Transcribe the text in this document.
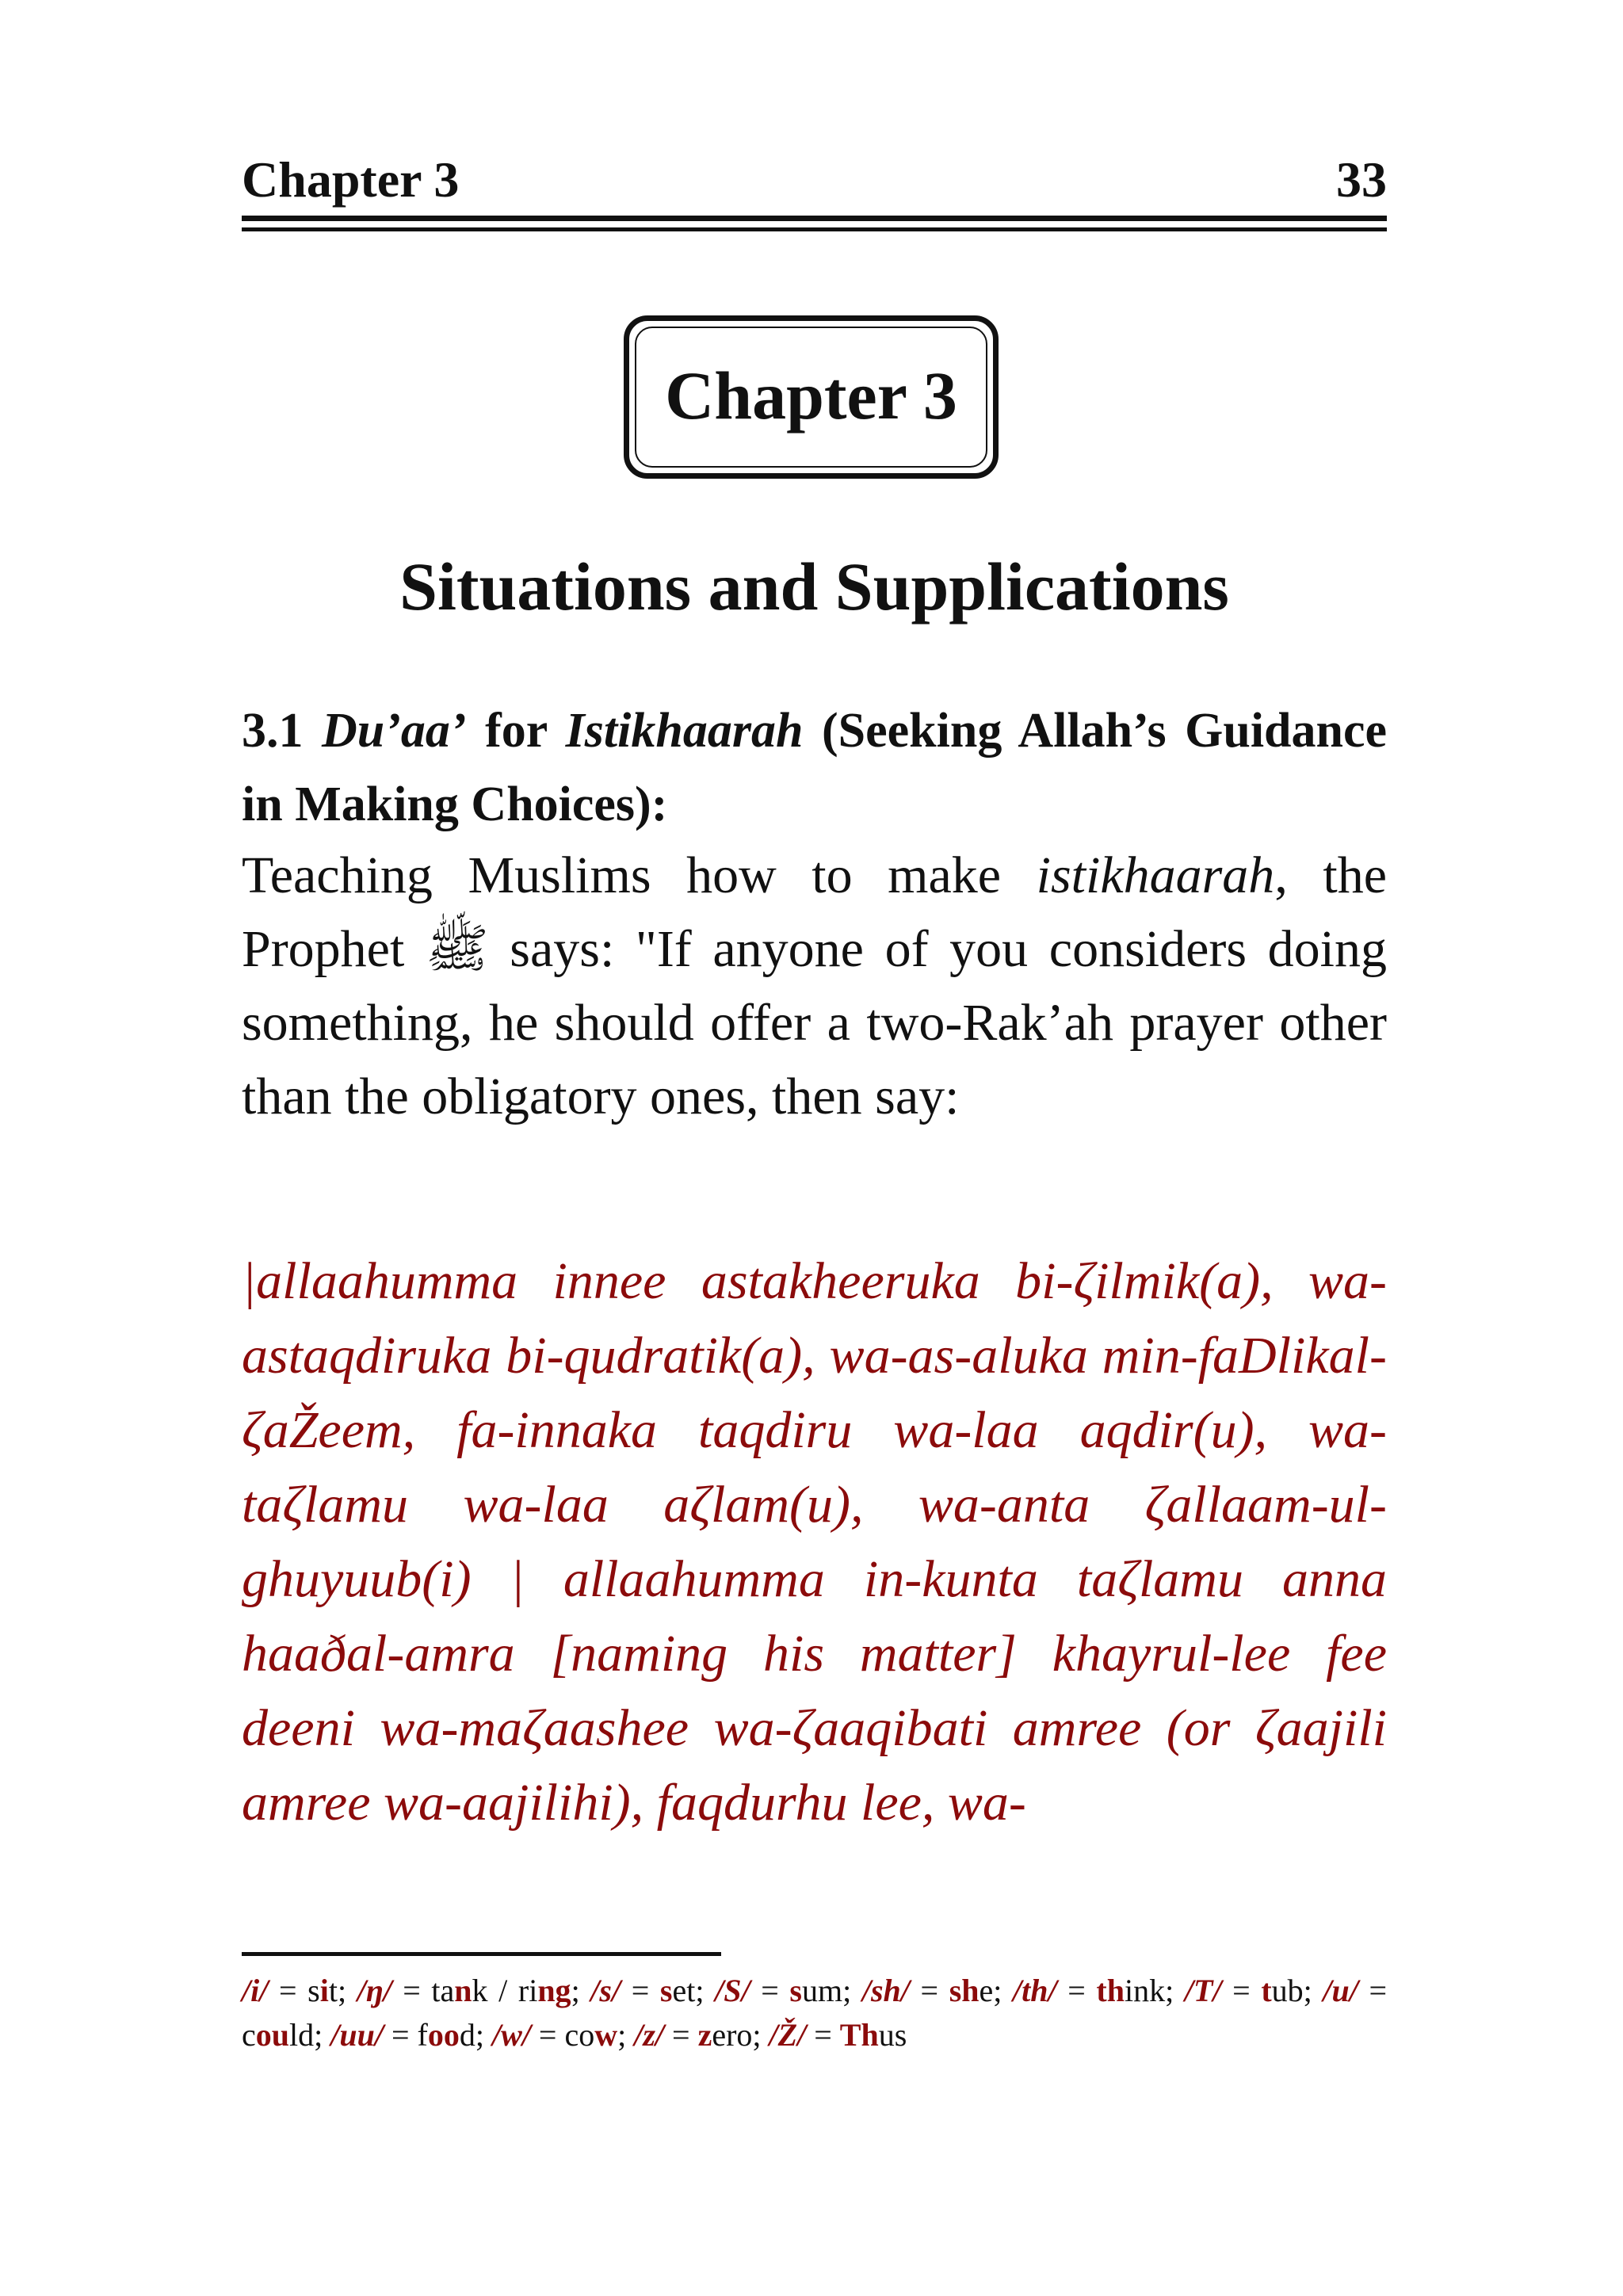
Chapter 3	33
Chapter 3
Situations and Supplications
3.1 Du’aa’ for Istikhaarah (Seeking Allah’s Guidance in Making Choices):
Teaching Muslims how to make istikhaarah, the Prophet ﷺ says: "If anyone of you considers doing something, he should offer a two-Rak’ah prayer other than the obligatory ones, then say:
|allaahumma innee astakheeruka bi-ζilmik(a), wa-astaqdiruka bi-qudratik(a), wa-as-aluka min-faDlikal-ζaŽeem, fa-innaka taqdiru wa-laa aqdir(u), wa-taζlamu wa-laa aζlam(u), wa-anta ζallaam-ul-ghuyuub(i) | allaahumma in-kunta taζlamu anna haaðal-amra [naming his matter] khayrul-lee fee deeni wa-maζaashee wa-ζaaqibati amree (or ζaajili amree wa-aajilihi), faqdurhu lee, wa-
/i/ = sit; /ŋ/ = tank / ring; /s/ = set; /S/ = sum; /sh/ = she; /th/ = think; /T/ = tub; /u/ = could; /uu/ = food; /w/ = cow; /z/ = zero; /Ž/ = Thus
